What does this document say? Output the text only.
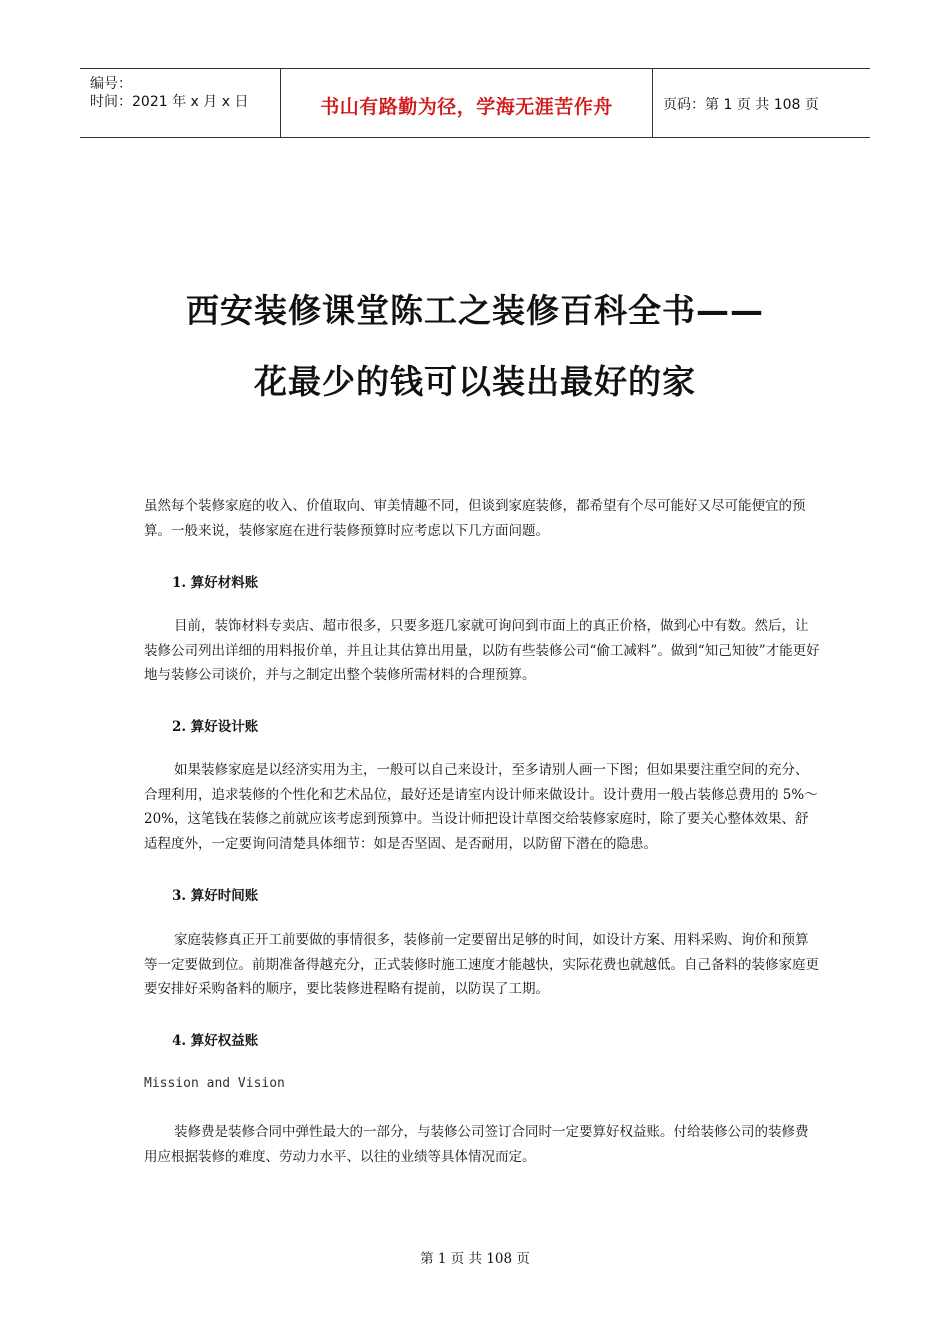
编号：
时间：2021 年 x 月 x 日	书山有路勤为径，学海无涯苦作舟	页码：第 1 页 共 108 页
西安装修课堂陈工之装修百科全书——
花最少的钱可以装出最好的家
虽然每个装修家庭的收入、价值取向、审美情趣不同，但谈到家庭装修，都希望有个尽可能好又尽可能便宜的预算。一般来说，装修家庭在进行装修预算时应考虑以下几方面问题。
1. 算好材料账
目前，装饰材料专卖店、超市很多，只要多逛几家就可询问到市面上的真正价格，做到心中有数。然后，让装修公司列出详细的用料报价单，并且让其估算出用量，以防有些装修公司“偷工减料”。做到“知己知彼”才能更好地与装修公司谈价，并与之制定出整个装修所需材料的合理预算。
2. 算好设计账
如果装修家庭是以经济实用为主，一般可以自己来设计，至多请别人画一下图；但如果要注重空间的充分、合理利用，追求装修的个性化和艺术品位，最好还是请室内设计师来做设计。设计费用一般占装修总费用的 5%～20%，这笔钱在装修之前就应该考虑到预算中。当设计师把设计草图交给装修家庭时，除了要关心整体效果、舒适程度外，一定要询问清楚具体细节：如是否坚固、是否耐用，以防留下潜在的隐患。
3. 算好时间账
家庭装修真正开工前要做的事情很多，装修前一定要留出足够的时间，如设计方案、用料采购、询价和预算等一定要做到位。前期准备得越充分，正式装修时施工速度才能越快，实际花费也就越低。自己备料的装修家庭更要安排好采购备料的顺序，要比装修进程略有提前，以防误了工期。
4. 算好权益账
Mission and Vision
装修费是装修合同中弹性最大的一部分，与装修公司签订合同时一定要算好权益账。付给装修公司的装修费用应根据装修的难度、劳动力水平、以往的业绩等具体情况而定。
第 1 页 共 108 页
